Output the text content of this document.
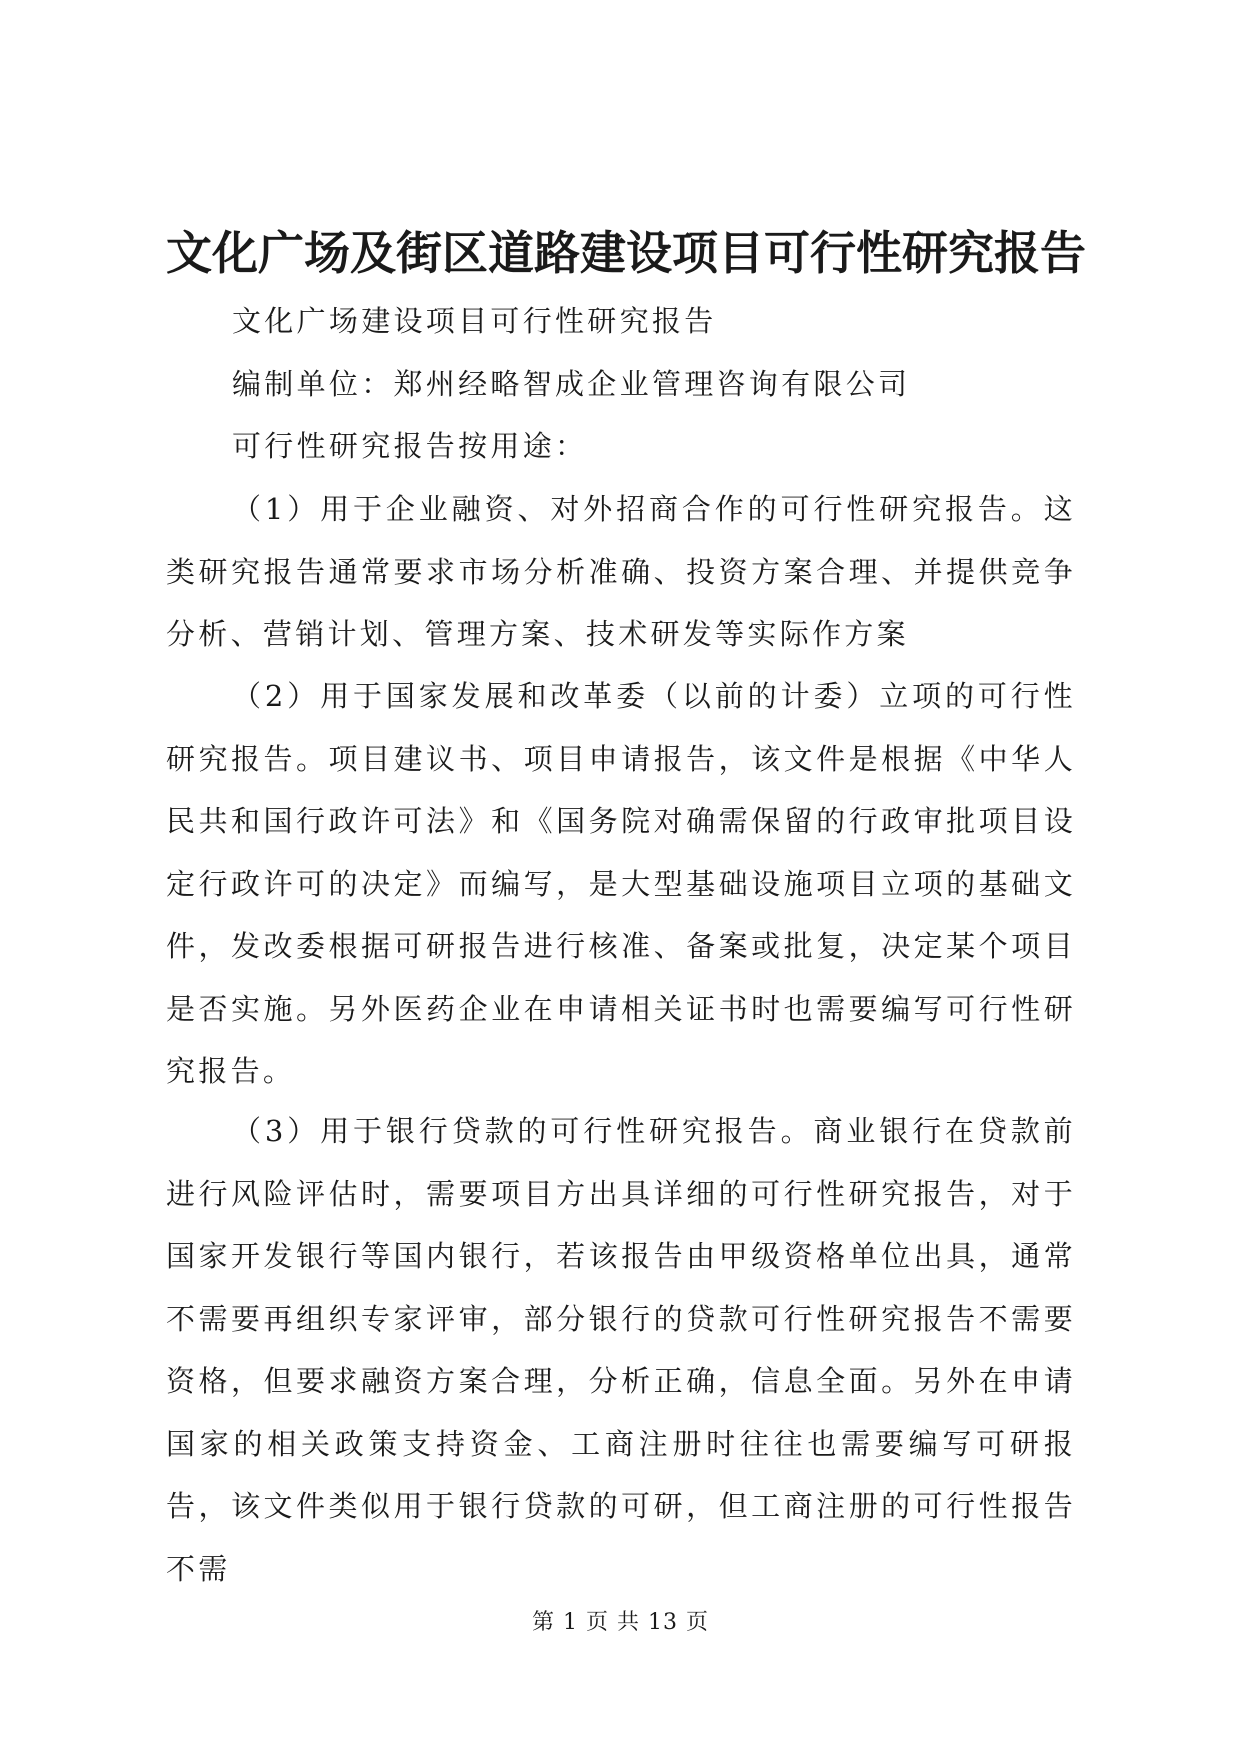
文化广场及街区道路建设项目可行性研究报告

文化广场建设项目可行性研究报告

编制单位：郑州经略智成企业管理咨询有限公司

可行性研究报告按用途：

（1）用于企业融资、对外招商合作的可行性研究报告。这类研究报告通常要求市场分析准确、投资方案合理、并提供竞争分析、营销计划、管理方案、技术研发等实际作方案

（2）用于国家发展和改革委（以前的计委）立项的可行性研究报告。项目建议书、项目申请报告，该文件是根据《中华人民共和国行政许可法》和《国务院对确需保留的行政审批项目设定行政许可的决定》而编写，是大型基础设施项目立项的基础文件，发改委根据可研报告进行核准、备案或批复，决定某个项目是否实施。另外医药企业在申请相关证书时也需要编写可行性研究报告。

（3）用于银行贷款的可行性研究报告。商业银行在贷款前进行风险评估时，需要项目方出具详细的可行性研究报告，对于国家开发银行等国内银行，若该报告由甲级资格单位出具，通常不需要再组织专家评审，部分银行的贷款可行性研究报告不需要资格，但要求融资方案合理，分析正确，信息全面。另外在申请国家的相关政策支持资金、工商注册时往往也需要编写可研报告，该文件类似用于银行贷款的可研，但工商注册的可行性报告不需

第 1 页 共 13 页
